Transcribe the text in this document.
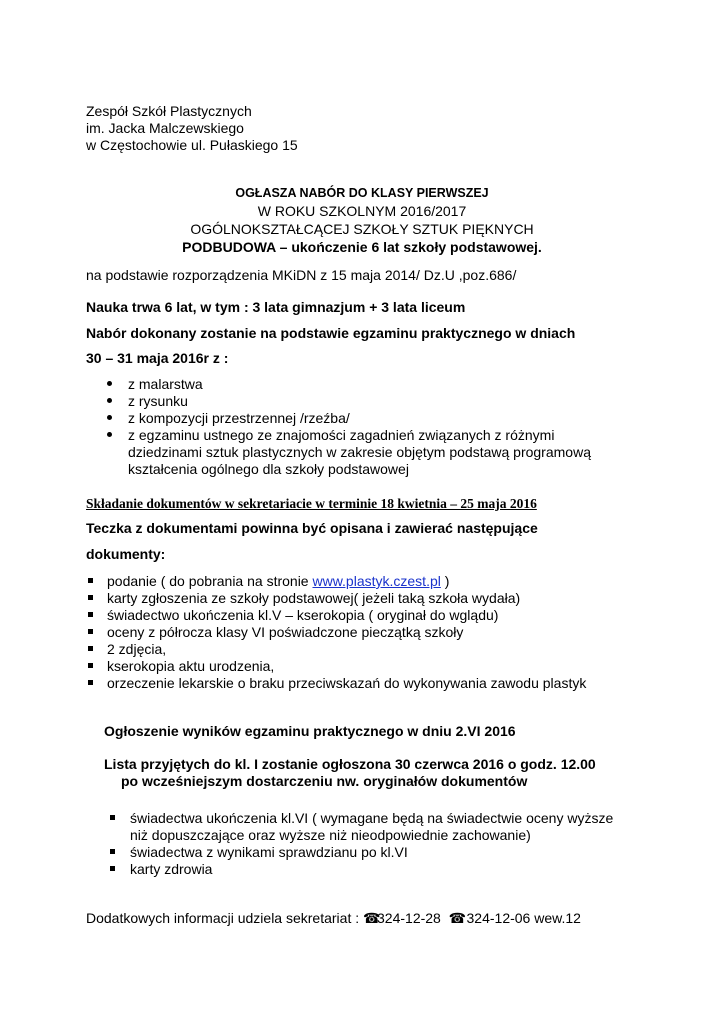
Zespół Szkół Plastycznych
im. Jacka Malczewskiego
w Częstochowie ul. Pułaskiego 15
OGŁASZA NABÓR DO KLASY PIERWSZEJ
W ROKU SZKOLNYM 2016/2017
OGÓLNOKSZTAŁCĄCEJ SZKOŁY SZTUK PIĘKNYCH
PODBUDOWA – ukończenie 6 lat szkoły podstawowej.
na podstawie rozporządzenia MKiDN z 15 maja 2014/ Dz.U ,poz.686/
Nauka trwa 6 lat, w tym : 3 lata gimnazjum + 3 lata liceum
Nabór dokonany zostanie na podstawie egzaminu praktycznego w dniach
30 – 31 maja 2016r z :
z malarstwa
z rysunku
z kompozycji przestrzennej /rzeźba/
z egzaminu ustnego ze znajomości zagadnień związanych z różnymi
dziedzinami sztuk plastycznych w zakresie objętym podstawą programową
kształcenia ogólnego dla szkoły podstawowej
Składanie dokumentów w sekretariacie w terminie 18 kwietnia – 25 maja 2016
Teczka z dokumentami powinna być opisana i zawierać następujące
dokumenty:
podanie ( do pobrania na stronie www.plastyk.czest.pl )
karty zgłoszenia ze szkoły podstawowej( jeżeli taką szkoła wydała)
świadectwo ukończenia kl.V – kserokopia ( oryginał do wglądu)
oceny z półrocza klasy VI poświadczone pieczątką szkoły
2 zdjęcia,
kserokopia aktu urodzenia,
orzeczenie lekarskie o braku przeciwskazań do wykonywania zawodu plastyk
Ogłoszenie wyników egzaminu praktycznego w dniu 2.VI 2016
Lista przyjętych do kl. I zostanie ogłoszona 30 czerwca 2016 o godz. 12.00
po wcześniejszym dostarczeniu nw. oryginałów dokumentów
świadectwa ukończenia kl.VI ( wymagane będą na świadectwie oceny wyższe
niż dopuszczające oraz wyższe niż nieodpowiednie zachowanie)
świadectwa z wynikami sprawdzianu po kl.VI
karty zdrowia
Dodatkowych informacji udziela sekretariat : ☎324-12-28 ☎ 324-12-06 wew.12
